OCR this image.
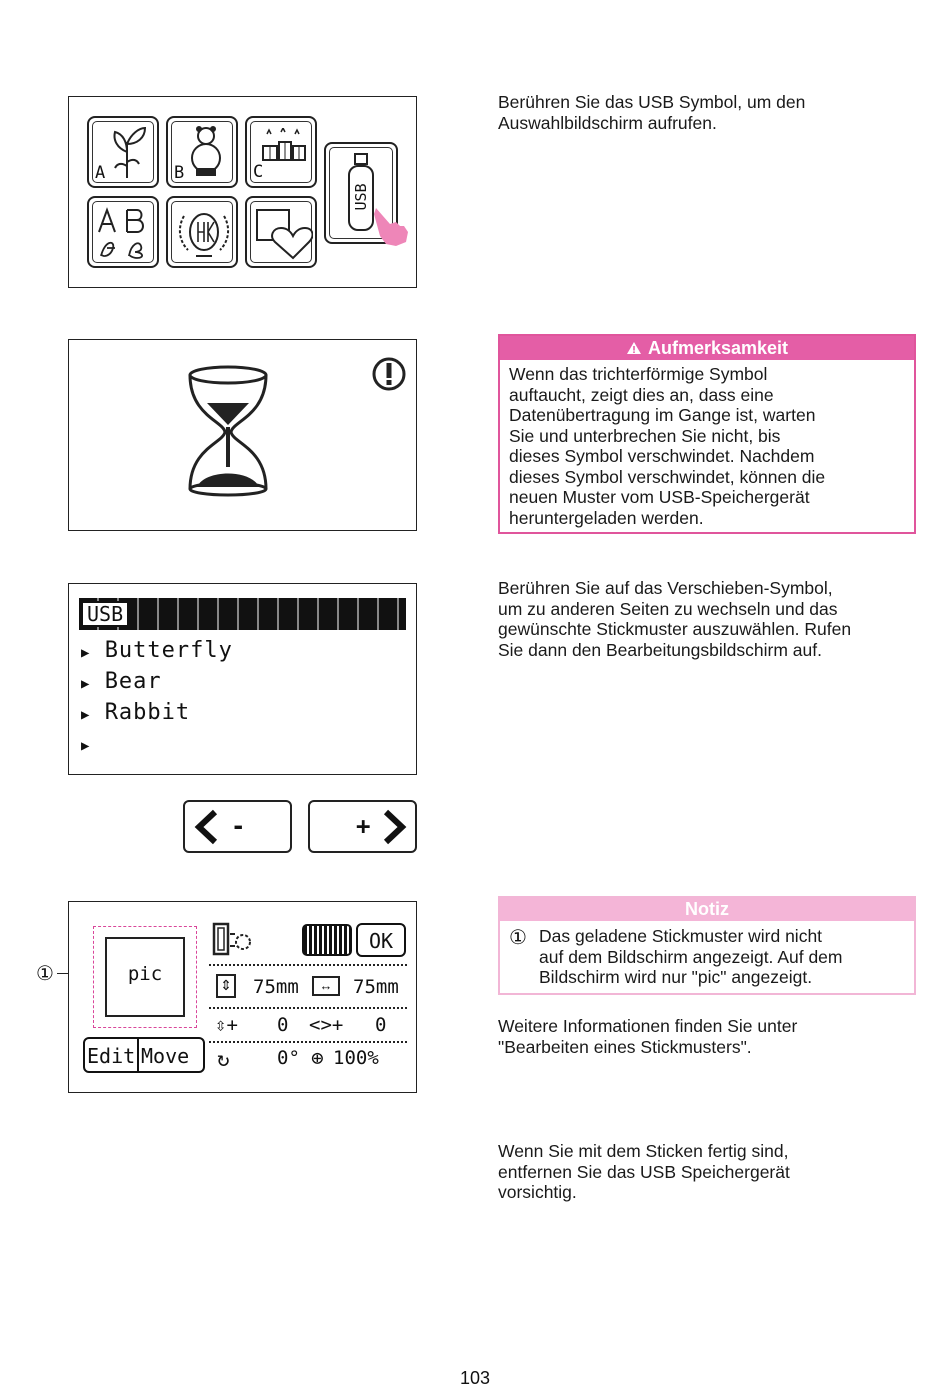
A	B	C
USB
USB
▶ Butterfly
▶ Bear
▶ Rabbit
▶
-	+
①	pic
OK
⇕ 75mm	↔	75mm
⇳+ 0 <>+ 0
Edit Move ↻ 0° ⊕ 100%
Berühren Sie das USB Symbol, um den
Auswahlbildschirm aufrufen.
Aufmerksamkeit
Wenn das trichterförmige Symbol
auftaucht, zeigt dies an, dass eine
Datenübertragung im Gange ist, warten
Sie und unterbrechen Sie nicht, bis
dieses Symbol verschwindet. Nachdem
dieses Symbol verschwindet, können die
neuen Muster vom USB-Speichergerät
heruntergeladen werden.
Berühren Sie auf das Verschieben-Symbol,
um zu anderen Seiten zu wechseln und das
gewünschte Stickmuster auszuwählen. Rufen
Sie dann den Bearbeitungsbildschirm auf.
Notiz
① Das geladene Stickmuster wird nicht
auf dem Bildschirm angezeigt. Auf dem
Bildschirm wird nur "pic" angezeigt.
Weitere Informationen finden Sie unter
"Bearbeiten eines Stickmusters".
Wenn Sie mit dem Sticken fertig sind,
entfernen Sie das USB Speichergerät
vorsichtig.
103
